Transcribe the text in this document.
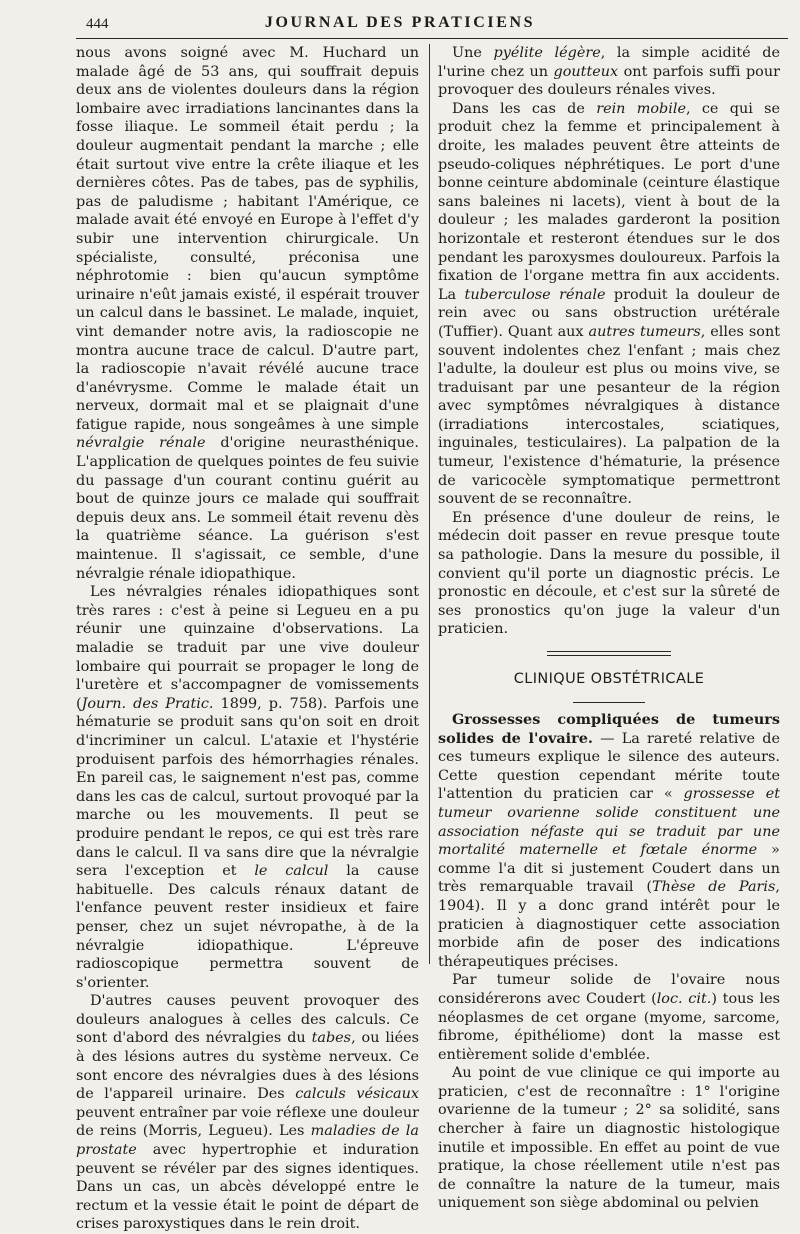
444	JOURNAL DES PRATICIENS

nous avons soigné avec M. Huchard un malade âgé de 53 ans, qui souffrait depuis deux ans de violentes douleurs dans la région lombaire avec irradiations lancinantes dans la fosse iliaque. Le sommeil était perdu ; la douleur augmentait pendant la marche ; elle était surtout vive entre la crête iliaque et les dernières côtes. Pas de tabes, pas de syphilis, pas de paludisme ; habitant l'Amérique, ce malade avait été envoyé en Europe à l'effet d'y subir une intervention chirurgicale. Un spécialiste, consulté, préconisa une néphrotomie : bien qu'aucun symptôme urinaire n'eût jamais existé, il espérait trouver un calcul dans le bassinet. Le malade, inquiet, vint demander notre avis, la radioscopie ne montra aucune trace de calcul. D'autre part, la radioscopie n'avait révélé aucune trace d'anévrysme. Comme le malade était un nerveux, dormait mal et se plaignait d'une fatigue rapide, nous songeâmes à une simple névralgie rénale d'origine neurasthénique. L'application de quelques pointes de feu suivie du passage d'un courant continu guérit au bout de quinze jours ce malade qui souffrait depuis deux ans. Le sommeil était revenu dès la quatrième séance. La guérison s'est maintenue. Il s'agissait, ce semble, d'une névralgie rénale idiopathique.

Les névralgies rénales idiopathiques sont très rares : c'est à peine si Legueu en a pu réunir une quinzaine d'observations. La maladie se traduit par une vive douleur lombaire qui pourrait se propager le long de l'uretère et s'accompagner de vomissements (Journ. des Pratic. 1899, p. 758). Parfois une hématurie se produit sans qu'on soit en droit d'incriminer un calcul. L'ataxie et l'hystérie produisent parfois des hémorrhagies rénales. En pareil cas, le saignement n'est pas, comme dans les cas de calcul, surtout provoqué par la marche ou les mouvements. Il peut se produire pendant le repos, ce qui est très rare dans le calcul. Il va sans dire que la névralgie sera l'exception et le calcul la cause habituelle. Des calculs rénaux datant de l'enfance peuvent rester insidieux et faire penser, chez un sujet névropathe, à de la névralgie idiopathique. L'épreuve radioscopique permettra souvent de s'orienter.

D'autres causes peuvent provoquer des douleurs analogues à celles des calculs. Ce sont d'abord des névralgies du tabes, ou liées à des lésions autres du système nerveux. Ce sont encore des névralgies dues à des lésions de l'appareil urinaire. Des calculs vésicaux peuvent entraîner par voie réflexe une douleur de reins (Morris, Legueu). Les maladies de la prostate avec hypertrophie et induration peuvent se révéler par des signes identiques. Dans un cas, un abcès développé entre le rectum et la vessie était le point de départ de crises paroxystiques dans le rein droit.

Une pyélite légère, la simple acidité de l'urine chez un goutteux ont parfois suffi pour provoquer des douleurs rénales vives.

Dans les cas de rein mobile, ce qui se produit chez la femme et principalement à droite, les malades peuvent être atteints de pseudo-coliques néphrétiques. Le port d'une bonne ceinture abdominale (ceinture élastique sans baleines ni lacets), vient à bout de la douleur ; les malades garderont la position horizontale et resteront étendues sur le dos pendant les paroxysmes douloureux. Parfois la fixation de l'organe mettra fin aux accidents. La tuberculose rénale produit la douleur de rein avec ou sans obstruction urétérale (Tuffier). Quant aux autres tumeurs, elles sont souvent indolentes chez l'enfant ; mais chez l'adulte, la douleur est plus ou moins vive, se traduisant par une pesanteur de la région avec symptômes névralgiques à distance (irradiations intercostales, sciatiques, inguinales, testiculaires). La palpation de la tumeur, l'existence d'hématurie, la présence de varicocèle symptomatique permettront souvent de se reconnaître.

En présence d'une douleur de reins, le médecin doit passer en revue presque toute sa pathologie. Dans la mesure du possible, il convient qu'il porte un diagnostic précis. Le pronostic en découle, et c'est sur la sûreté de ses pronostics qu'on juge la valeur d'un praticien.

CLINIQUE OBSTÉTRICALE

Grossesses compliquées de tumeurs solides de l'ovaire. — La rareté relative de ces tumeurs explique le silence des auteurs. Cette question cependant mérite toute l'attention du praticien car « grossesse et tumeur ovarienne solide constituent une association néfaste qui se traduit par une mortalité maternelle et fœtale énorme » comme l'a dit si justement Coudert dans un très remarquable travail (Thèse de Paris, 1904). Il y a donc grand intérêt pour le praticien à diagnostiquer cette association morbide afin de poser des indications thérapeutiques précises.

Par tumeur solide de l'ovaire nous considérerons avec Coudert (loc. cit.) tous les néoplasmes de cet organe (myome, sarcome, fibrome, épithéliome) dont la masse est entièrement solide d'emblée.

Au point de vue clinique ce qui importe au praticien, c'est de reconnaître : 1° l'origine ovarienne de la tumeur ; 2° sa solidité, sans chercher à faire un diagnostic histologique inutile et impossible. En effet au point de vue pratique, la chose réellement utile n'est pas de connaître la nature de la tumeur, mais uniquement son siège abdominal ou pelvien
